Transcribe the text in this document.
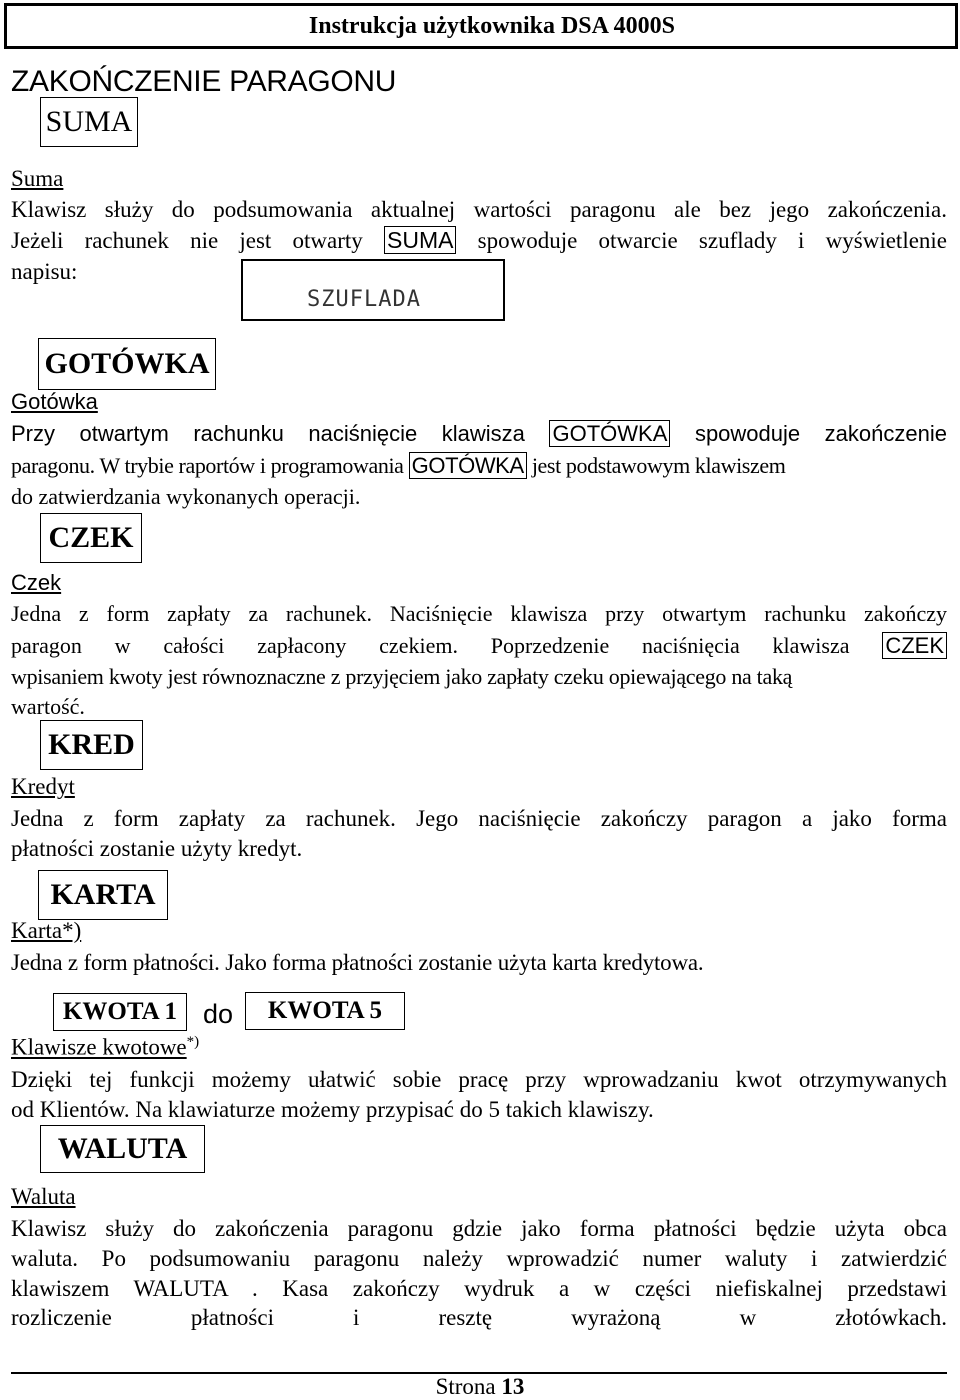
Instrukcja użytkownika DSA 4000S
ZAKOŃCZENIE PARAGONU
SUMA
Suma
Klawisz służy do podsumowania aktualnej wartości paragonu ale bez jego zakończenia.
Jeżeli rachunek nie jest otwarty SUMA spowoduje otwarcie szuflady i wyświetlenie
napisu:
SZUFLADA
GOTÓWKA
Gotówka
Przy otwartym rachunku naciśnięcie klawisza GOTÓWKA spowoduje zakończenie
paragonu. W trybie raportów i programowania GOTÓWKA jest podstawowym klawiszem
do zatwierdzania wykonanych operacji.
CZEK
Czek
Jedna z form zapłaty za rachunek. Naciśnięcie klawisza przy otwartym rachunku zakończy
paragon w całości zapłacony czekiem. Poprzedzenie naciśnięcia klawisza CZEK
wpisaniem kwoty jest równoznaczne z przyjęciem jako zapłaty czeku opiewającego na taką
wartość.
KRED
Kredyt
Jedna z form zapłaty za rachunek. Jego naciśnięcie zakończy paragon a jako forma
płatności zostanie użyty kredyt.
KARTA
Karta*)
Jedna z form płatności. Jako forma płatności zostanie użyta karta kredytowa.
KWOTA 1 do	KWOTA 5
Klawisze kwotowe*)
Dzięki tej funkcji możemy ułatwić sobie pracę przy wprowadzaniu kwot otrzymywanych
od Klientów. Na klawiaturze możemy przypisać do 5 takich klawiszy.
WALUTA
Waluta
Klawisz służy do zakończenia paragonu gdzie jako forma płatności będzie użyta obca
waluta. Po podsumowaniu paragonu należy wprowadzić numer waluty i zatwierdzić
klawiszem WALUTA . Kasa zakończy wydruk a w części niefiskalnej przedstawi
rozliczenie płatności i resztę wyrażoną w złotówkach.
Strona 13
